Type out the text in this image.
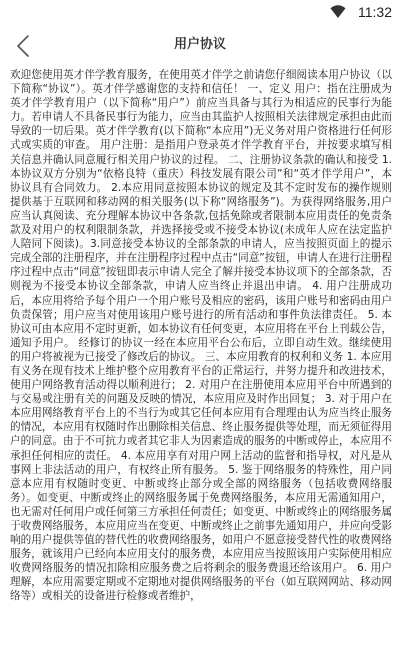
11:32
用户协议

欢迎您使用英才伴学教育服务，在使用英才伴学之前请您仔细阅读本用户协议（以下简称“协议”）。英才伴学感谢您的支持和信任！ 一、定义 用户：指在注册成为英才伴学教育用户（以下简称“用户”）前应当具备与其行为相适应的民事行为能力。若申请人不具备民事行为能力，应当由其监护人按照相关法律规定承担由此而导致的一切后果。英才伴学教育(以下简称“本应用”)无义务对用户资格进行任何形式或实质的审查。 用户注册：是指用户登录英才伴学教育平台，并按要求填写相关信息并确认同意履行相关用户协议的过程。 二、注册协议条款的确认和接受 1.本协议双方分别为“依格良特（重庆）科技发展有限公司”和“英才伴学用户”，本协议具有合同效力。 2.本应用同意按照本协议的规定及其不定时发布的操作规则提供基于互联网和移动网的相关服务(以下称“网络服务”)。为获得网络服务,用户应当认真阅读、充分理解本协议中各条款,包括免除或者限制本应用责任的免责条款及对用户的权利限制条款，并选择接受或不接受本协议(未成年人应在法定监护人陪同下阅读)。3.同意接受本协议的全部条款的申请人，应当按照页面上的提示完成全部的注册程序，并在注册程序过程中点击“同意”按钮，申请人在进行注册程序过程中点击“同意”按钮即表示申请人完全了解并接受本协议项下的全部条款，否则视为不接受本协议全部条款，申请人应当终止并退出申请。 4. 用户注册成功后，本应用将给予每个用户一个用户账号及相应的密码，该用户账号和密码由用户负责保管；用户应当对使用该用户账号进行的所有活动和事件负法律责任。 5. 本协议可由本应用不定时更新，如本协议有任何变更，本应用将在平台上刊载公告，通知予用户。 经修订的协议一经在本应用平台公布后，立即自动生效。继续使用的用户将被视为已接受了修改后的协议。 三、本应用教育的权利和义务 1. 本应用有义务在现有技术上维护整个应用教育平台的正常运行，并努力提升和改进技术，使用户网络教育活动得以顺利进行； 2. 对用户在注册使用本应用平台中所遇到的与交易或注册有关的问题及反映的情况，本应用应及时作出回复； 3. 对于用户在本应用网络教育平台上的不当行为或其它任何本应用有合理理由认为应当终止服务的情况，本应用有权随时作出删除相关信息、终止服务提供等处理，而无须征得用户的同意。由于不可抗力或者其它非人为因素造成的服务的中断或停止，本应用不承担任何相应的责任。 4. 本应用享有对用户网上活动的监督和指导权，对凡是从事网上非法活动的用户，有权终止所有服务。 5. 鉴于网络服务的特殊性，用户同意本应用有权随时变更、中断或终止部分或全部的网络服务（包括收费网络服务）。如变更、中断或终止的网络服务属于免费网络服务，本应用无需通知用户，也无需对任何用户或任何第三方承担任何责任；如变更、中断或终止的网络服务属于收费网络服务，本应用应当在变更、中断或终止之前事先通知用户，并应向受影响的用户提供等值的替代性的收费网络服务，如用户不愿意接受替代性的收费网络服务，就该用户已经向本应用支付的服务费，本应用应当按照该用户实际使用相应收费网络服务的情况扣除相应服务费之后将剩余的服务费退还给该用户。 6. 用户理解，本应用需要定期或不定期地对提供网络服务的平台（如互联网网站、移动网络等）或相关的设备进行检修或者维护，
